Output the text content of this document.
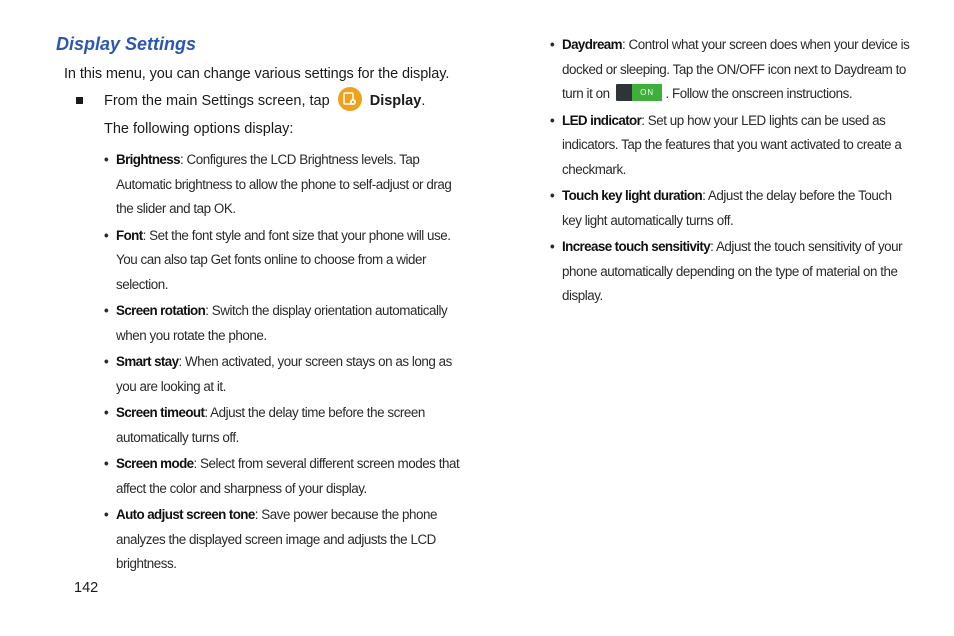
Display Settings
In this menu, you can change various settings for the display.
From the main Settings screen, tap	Display.
The following options display:
• Brightness: Configures the LCD Brightness levels. Tap Automatic brightness to allow the phone to self-adjust or drag the slider and tap OK.
• Font: Set the font style and font size that your phone will use. You can also tap Get fonts online to choose from a wider selection.
• Screen rotation: Switch the display orientation automatically when you rotate the phone.
• Smart stay: When activated, your screen stays on as long as you are looking at it.
• Screen timeout: Adjust the delay time before the screen automatically turns off.
• Screen mode: Select from several different screen modes that affect the color and sharpness of your display.
• Auto adjust screen tone: Save power because the phone analyzes the displayed screen image and adjusts the LCD brightness.
• Daydream: Control what your screen does when your device is docked or sleeping. Tap the ON/OFF icon next to Daydream to turn it on	ON . Follow the onscreen instructions.
• LED indicator: Set up how your LED lights can be used as indicators. Tap the features that you want activated to create a checkmark.
• Touch key light duration: Adjust the delay before the Touch key light automatically turns off.
• Increase touch sensitivity: Adjust the touch sensitivity of your phone automatically depending on the type of material on the display.
142
